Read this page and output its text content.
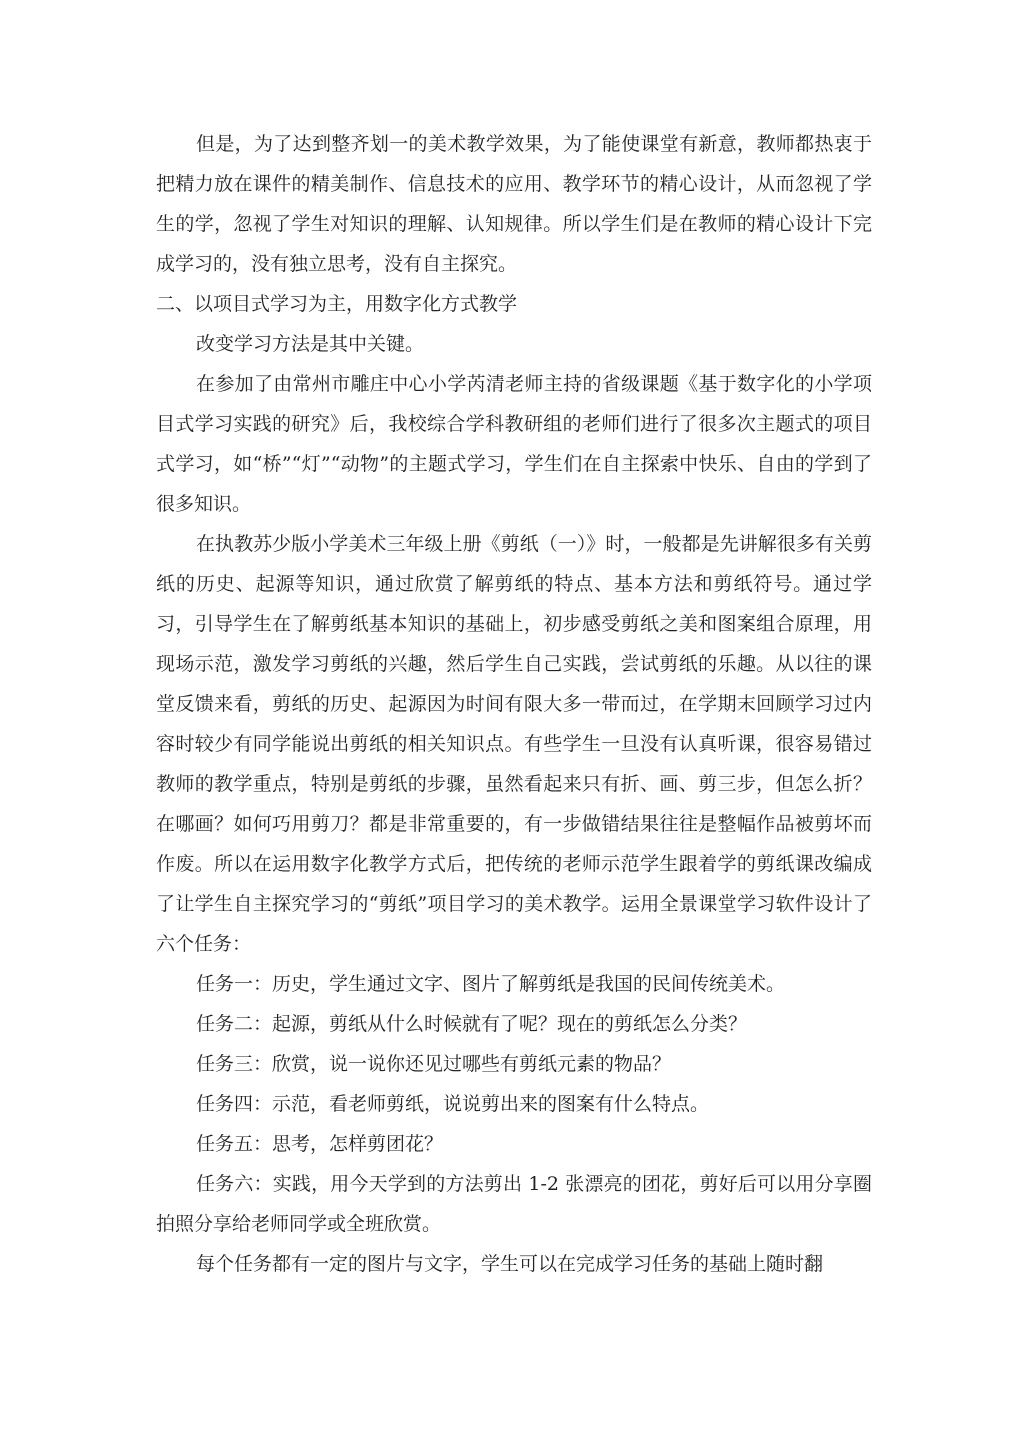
但是，为了达到整齐划一的美术教学效果，为了能使课堂有新意，教师都热衷于把精力放在课件的精美制作、信息技术的应用、教学环节的精心设计，从而忽视了学生的学，忽视了学生对知识的理解、认知规律。所以学生们是在教师的精心设计下完成学习的，没有独立思考，没有自主探究。

二、以项目式学习为主，用数字化方式教学

改变学习方法是其中关键。

在参加了由常州市雕庄中心小学芮清老师主持的省级课题《基于数字化的小学项目式学习实践的研究》后，我校综合学科教研组的老师们进行了很多次主题式的项目式学习，如“桥”“灯”“动物”的主题式学习，学生们在自主探索中快乐、自由的学到了很多知识。

在执教苏少版小学美术三年级上册《剪纸（一）》时，一般都是先讲解很多有关剪纸的历史、起源等知识，通过欣赏了解剪纸的特点、基本方法和剪纸符号。通过学习，引导学生在了解剪纸基本知识的基础上，初步感受剪纸之美和图案组合原理，用现场示范，激发学习剪纸的兴趣，然后学生自己实践，尝试剪纸的乐趣。从以往的课堂反馈来看，剪纸的历史、起源因为时间有限大多一带而过，在学期末回顾学习过内容时较少有同学能说出剪纸的相关知识点。有些学生一旦没有认真听课，很容易错过教师的教学重点，特别是剪纸的步骤，虽然看起来只有折、画、剪三步，但怎么折？在哪画？如何巧用剪刀？都是非常重要的，有一步做错结果往往是整幅作品被剪坏而作废。所以在运用数字化教学方式后，把传统的老师示范学生跟着学的剪纸课改编成了让学生自主探究学习的“剪纸”项目学习的美术教学。运用全景课堂学习软件设计了六个任务：

任务一：历史，学生通过文字、图片了解剪纸是我国的民间传统美术。

任务二：起源，剪纸从什么时候就有了呢？现在的剪纸怎么分类？

任务三：欣赏，说一说你还见过哪些有剪纸元素的物品？

任务四：示范，看老师剪纸，说说剪出来的图案有什么特点。

任务五：思考，怎样剪团花？

任务六：实践，用今天学到的方法剪出 1-2 张漂亮的团花，剪好后可以用分享圈拍照分享给老师同学或全班欣赏。

每个任务都有一定的图片与文字，学生可以在完成学习任务的基础上随时翻
